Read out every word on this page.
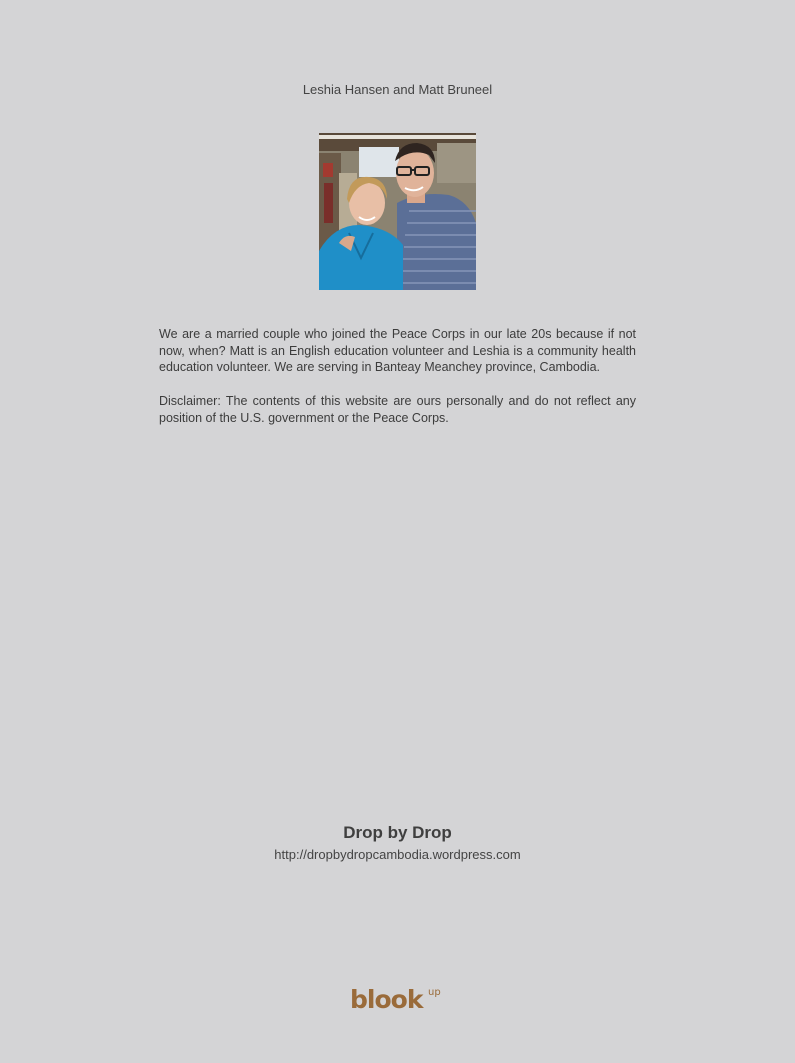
Leshia Hansen and Matt Bruneel

We are a married couple who joined the Peace Corps in our late 20s because if not now, when? Matt is an English education volunteer and Leshia is a community health education volunteer. We are serving in Banteay Meanchey province, Cambodia.

Disclaimer: The contents of this website are ours personally and do not reflect any position of the U.S. government or the Peace Corps.

Drop by Drop
http://dropbydropcambodia.wordpress.com
blook up
